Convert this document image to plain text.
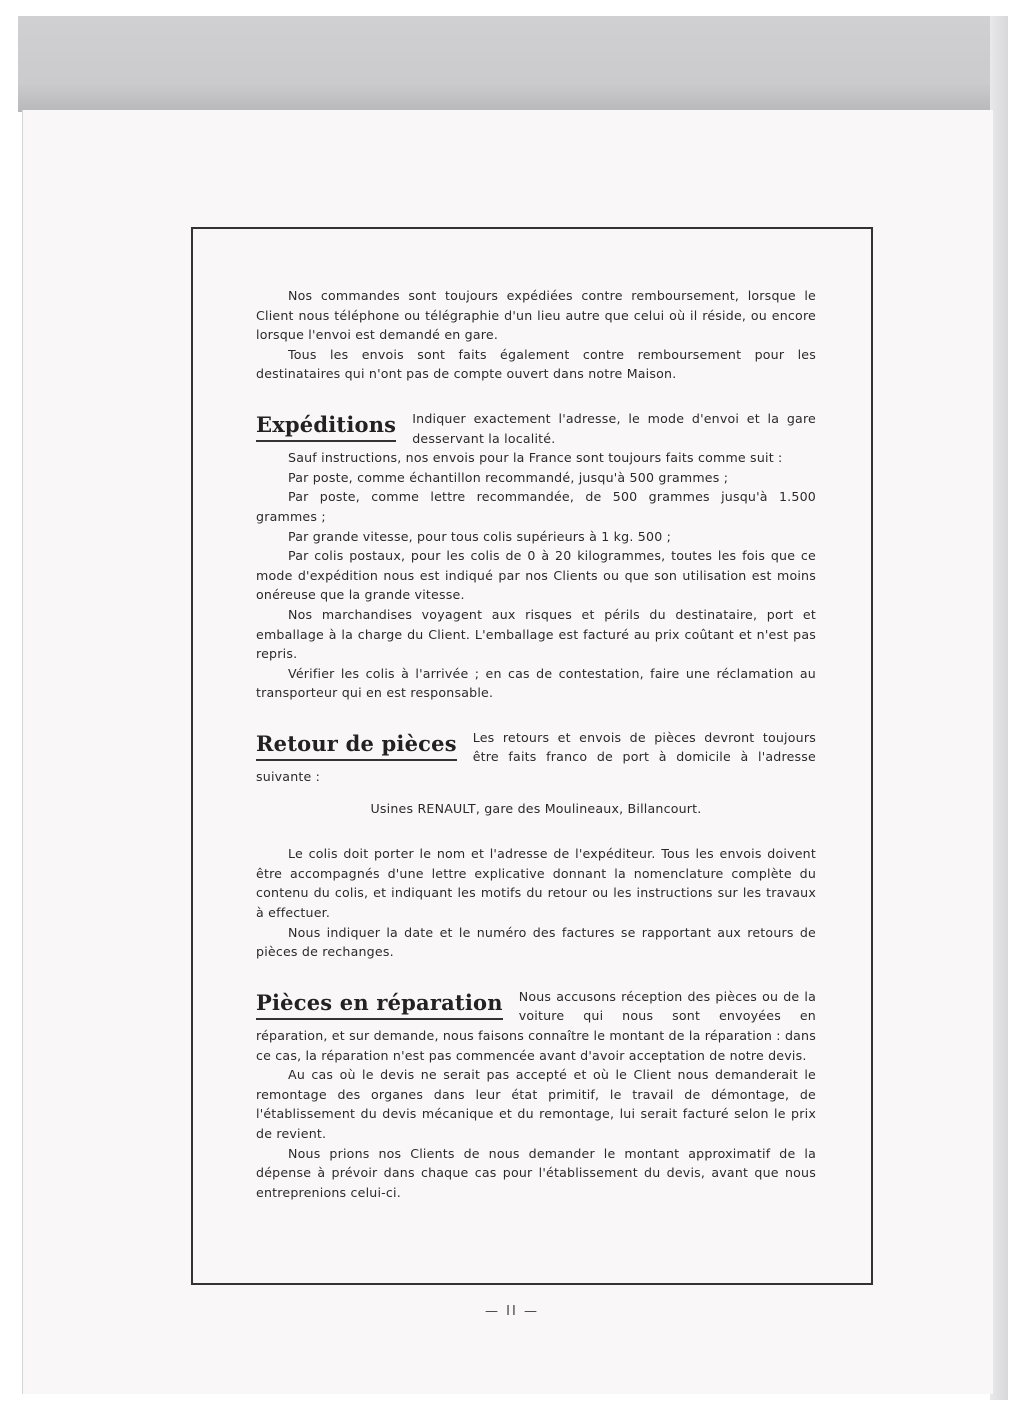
Nos commandes sont toujours expédiées contre remboursement, lorsque le Client nous téléphone ou télégraphie d'un lieu autre que celui où il réside, ou encore lorsque l'envoi est demandé en gare.

Tous les envois sont faits également contre remboursement pour les destinataires qui n'ont pas de compte ouvert dans notre Maison.

Expéditions	Indiquer exactement l'adresse, le mode d'envoi et la gare desservant la localité.

Sauf instructions, nos envois pour la France sont toujours faits comme suit :

Par poste, comme échantillon recommandé, jusqu'à 500 grammes ;

Par poste, comme lettre recommandée, de 500 grammes jusqu'à 1.500 grammes ;

Par grande vitesse, pour tous colis supérieurs à 1 kg. 500 ;

Par colis postaux, pour les colis de 0 à 20 kilogrammes, toutes les fois que ce mode d'expédition nous est indiqué par nos Clients ou que son utilisation est moins onéreuse que la grande vitesse.

Nos marchandises voyagent aux risques et périls du destinataire, port et emballage à la charge du Client. L'emballage est facturé au prix coûtant et n'est pas repris.

Vérifier les colis à l'arrivée ; en cas de contestation, faire une réclamation au transporteur qui en est responsable.

Retour de pièces	Les retours et envois de pièces devront toujours être faits franco de port à domicile à l'adresse suivante :

Usines RENAULT, gare des Moulineaux, Billancourt.

Le colis doit porter le nom et l'adresse de l'expéditeur. Tous les envois doivent être accompagnés d'une lettre explicative donnant la nomenclature complète du contenu du colis, et indiquant les motifs du retour ou les instructions sur les travaux à effectuer.

Nous indiquer la date et le numéro des factures se rapportant aux retours de pièces de rechanges.

Pièces en réparation	Nous accusons réception des pièces ou de la voiture qui nous sont envoyées en réparation, et sur demande, nous faisons connaître le montant de la réparation : dans ce cas, la réparation n'est pas commencée avant d'avoir acceptation de notre devis.

Au cas où le devis ne serait pas accepté et où le Client nous demanderait le remontage des organes dans leur état primitif, le travail de démontage, de l'établissement du devis mécanique et du remontage, lui serait facturé selon le prix de revient.

Nous prions nos Clients de nous demander le montant approximatif de la dépense à prévoir dans chaque cas pour l'établissement du devis, avant que nous entreprenions celui-ci.

— II —
